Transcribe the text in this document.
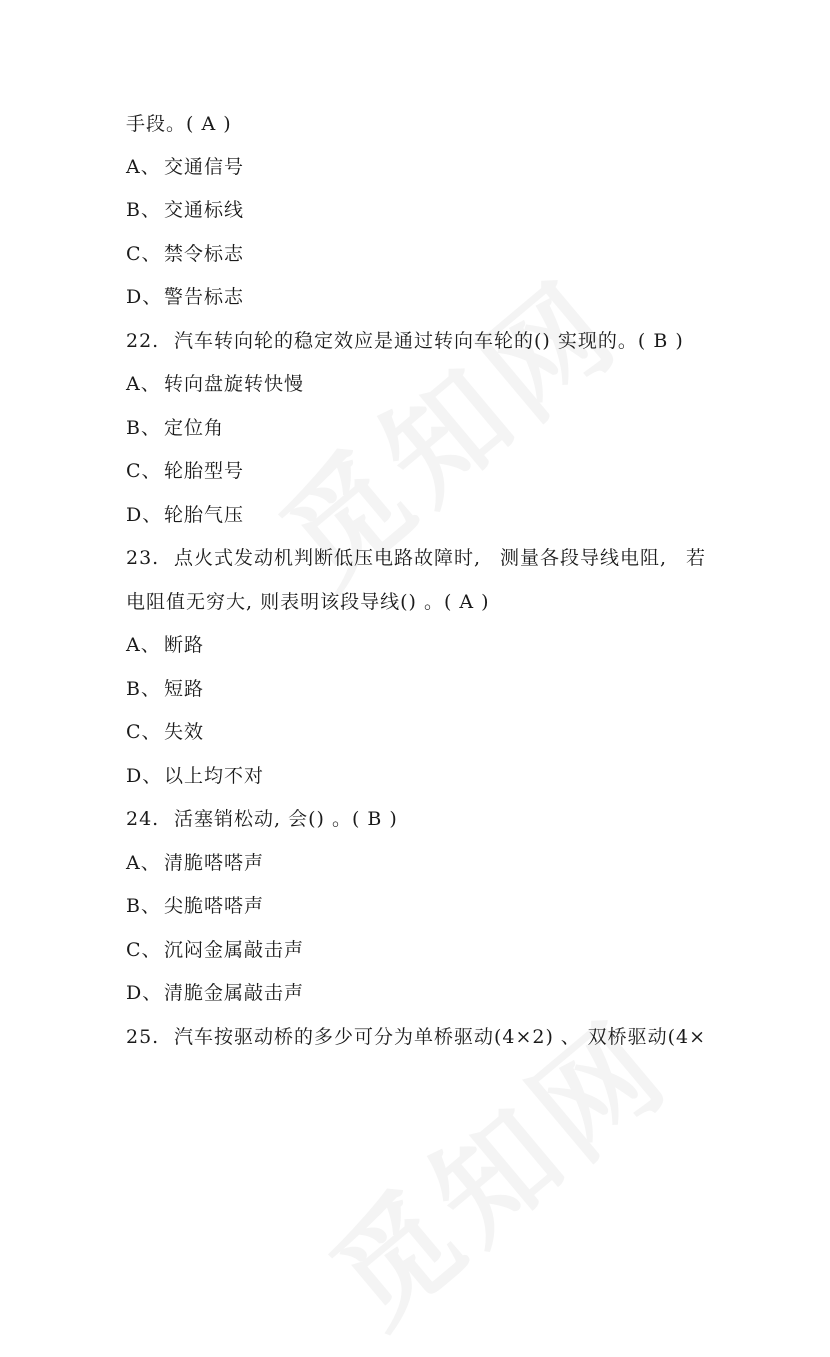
手段。( A )
A、 交通信号
B、 交通标线
C、 禁令标志
D、警告标志
22. 汽车转向轮的稳定效应是通过转向车轮的() 实现的。( B )
A、 转向盘旋转快慢
B、 定位角
C、 轮胎型号
D、轮胎气压
23. 点火式发动机判断低压电路故障时, 测量各段导线电阻, 若
电阻值无穷大, 则表明该段导线() 。( A )
A、 断路
B、 短路
C、 失效
D、以上均不对
24. 活塞销松动, 会() 。( B )
A、 清脆嗒嗒声
B、 尖脆嗒嗒声
C、 沉闷金属敲击声
D、清脆金属敲击声
25. 汽车按驱动桥的多少可分为单桥驱动(4×2) 、 双桥驱动(4×
